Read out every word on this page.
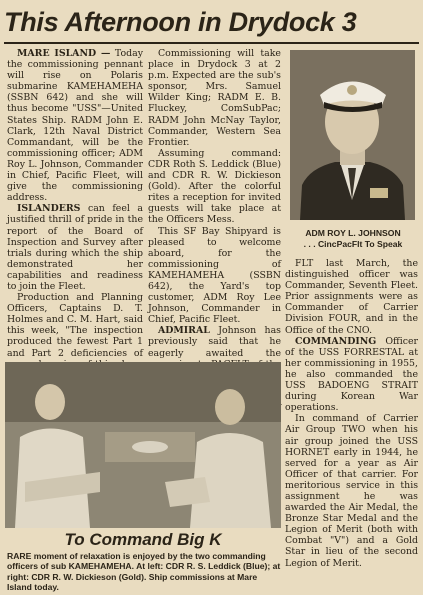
This Afternoon in Drydock 3

MARE ISLAND — Today the commissioning pennant will rise on Polaris submarine KAMEHAMEHA (SSBN 642) and she will thus become "USS"—United States Ship. RADM John E. Clark, 12th Naval District Commandant, will be the commissioning officer; ADM Roy L. Johnson, Commander in Chief, Pacific Fleet, will give the commissioning address.

ISLANDERS can feel a justified thrill of pride in the report of the Board of Inspection and Survey after trials during which the ship demonstrated her capabilities and readiness to join the Fleet.

Production and Planning Officers, Captains D. T. Holmes and C. M. Hart, said this week, "The inspection produced the fewest Part 1 and Part 2 deficiencies of

Commissioning will take place in Drydock 3 at 2 p.m. Expected are the sub's sponsor, Mrs. Samuel Wilder King; RADM E. B. Fluckey, ComSubPac; RADM John McNay Taylor, Commander, Western Sea Frontier.

Assuming command: CDR Roth S. Leddick (Blue) and CDR R. W. Dickieson (Gold). After the colorful rites a reception for invited guests will take place at the Officers Mess.

This SF Bay Shipyard is pleased to welcome aboard, for the commissioning of KAMEHAMEHA (SSBN 642), the Yard's top customer, ADM Roy Lee Johnson, Commander in Chief, Pacific Fleet.

ADMIRAL Johnson has previously said that he eagerly awaited the

ADM ROY L. JOHNSON
. . . CincPacFlt To Speak

FLT last March, the distinguished officer was Commander, Seventh Fleet. Prior assignments were as Commander of Carrier Division FOUR, and in the Office of the CNO.

COMMANDING Officer of the USS FORRESTAL at her commissioning in 1955, he also commanded the USS BADOENG STRAIT during Korean War operations.

In command of Carrier Air Group TWO when his air group joined the USS HORNET early in 1944, he served for a year as Air Officer of that carrier. For meritorious service in this assignment he was awarded the Air Medal, the Bronze Star Medal and the Legion of Merit (both with Combat "V") and a Gold Star in lieu of the second Legion of Merit.

To Command Big K
RARE moment of relaxation is enjoyed by the two commanding officers of sub KAMEHAMEHA. At left: CDR R. S. Leddick (Blue); at right: CDR R. W. Dickieson (Gold). Ship commissions at Mare Island today.
